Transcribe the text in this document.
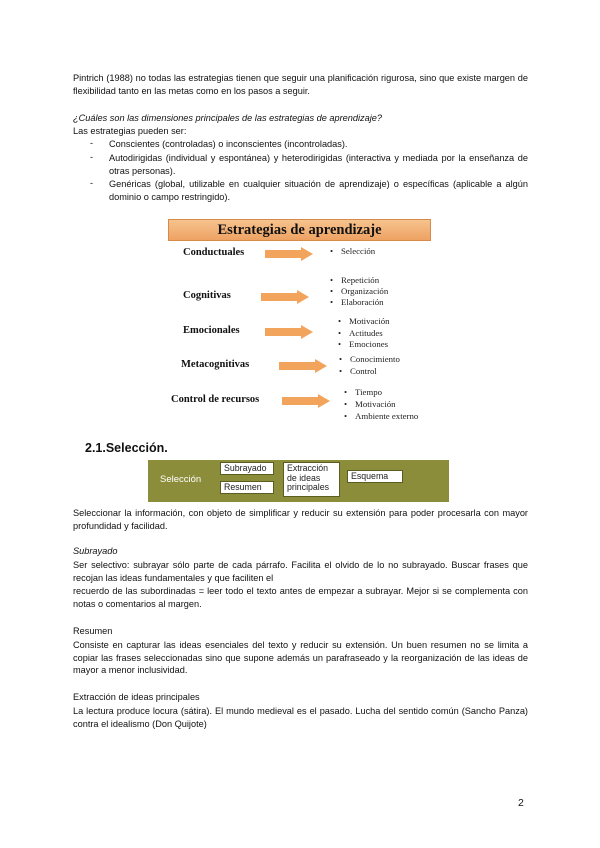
Pintrich (1988) no todas las estrategias tienen que seguir una planificación rigurosa, sino que existe margen de flexibilidad tanto en las metas como en los pasos a seguir.
¿Cuáles son las dimensiones principales de las estrategias de aprendizaje?
Las estrategias pueden ser:
-	Conscientes (controladas) o inconscientes (incontroladas).
-	Autodirigidas (individual y espontánea) y heterodirigidas (interactiva y mediada por la enseñanza de otras personas).
-	Genéricas (global, utilizable en cualquier situación de aprendizaje) o específicas (aplicable a algún dominio o campo restringido).
Estrategias de aprendizaje
Conductuales	• Selección
Cognitivas
• Repetición
• Organización
• Elaboración
Emocionales
• Motivación
• Actitudes
• Emociones
Metacognitivas	• Conocimiento
• Control
Control de recursos
• Tiempo
• Motivación
• Ambiente externo
2.1.Selección.
Selección
Subrayado
Resumen
Extracción de ideas principales
Esquema
Seleccionar la información, con objeto de simplificar y reducir su extensión para poder procesarla con mayor profundidad y facilidad.
Subrayado
Ser selectivo: subrayar sólo parte de cada párrafo. Facilita el olvido de lo no subrayado. Buscar frases que recojan las ideas fundamentales y que faciliten el
recuerdo de las subordinadas = leer todo el texto antes de empezar a subrayar. Mejor si se complementa con notas o comentarios al margen.
Resumen
Consiste en capturar las ideas esenciales del texto y reducir su extensión. Un buen resumen no se limita a copiar las frases seleccionadas sino que supone además un parafraseado y la reorganización de las ideas de mayor a menor inclusividad.
Extracción de ideas principales
La lectura produce locura (sátira). El mundo medieval es el pasado. Lucha del sentido común (Sancho Panza) contra el idealismo (Don Quijote)
2
